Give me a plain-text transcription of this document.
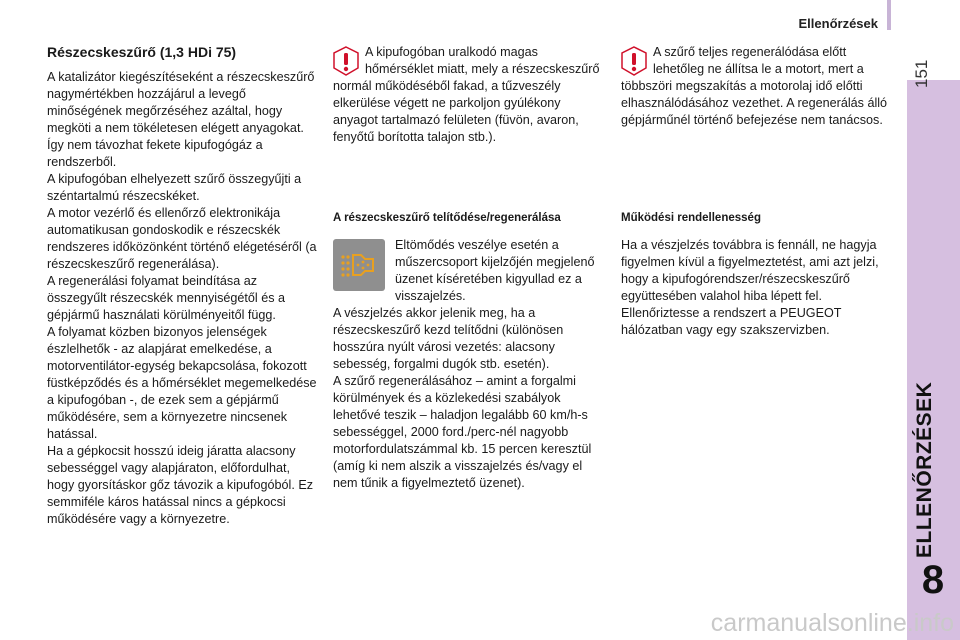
Ellenőrzések
151
ELLENŐRZÉSEK
8
Részecskeszűrő (1,3 HDi 75)

A katalizátor kiegészítéseként a részecskeszűrő nagymértékben hozzájárul a levegő minőségének megőrzéséhez azáltal, hogy megköti a nem tökéletesen elégett anyagokat. Így nem távozhat fekete kipufogógáz a rendszerből.

A kipufogóban elhelyezett szűrő összegyűjti a széntartalmú részecskéket.

A motor vezérlő és ellenőrző elektronikája automatikusan gondoskodik e részecskék rendszeres időközönként történő elégetéséről (a részecskeszűrő regenerálása).

A regenerálási folyamat beindítása az összegyűlt részecskék mennyiségétől és a gépjármű használati körülményeitől függ.

A folyamat közben bizonyos jelenségek észlelhetők - az alapjárat emelkedése, a motorventilátor-egység bekapcsolása, fokozott füstképződés és a hőmérséklet megemelkedése a kipufogóban -, de ezek sem a gépjármű működésére, sem a környezetre nincsenek hatással.

Ha a gépkocsit hosszú ideig járatta alacsony sebességgel vagy alapjáraton, előfordulhat, hogy gyorsításkor gőz távozik a kipufogóból. Ez semmiféle káros hatással nincs a gépkocsi működésére vagy a környezetre.

A kipufogóban uralkodó magas hőmérséklet miatt, mely a részecskeszűrő normál működéséből fakad, a tűzveszély elkerülése végett ne parkoljon gyúlékony anyagot tartalmazó felületen (füvön, avaron, fenyőtű borította talajon stb.).

A részecskeszűrő telítődése/regenerálása

Eltömődés veszélye esetén a műszercsoport kijelzőjén megjelenő üzenet kíséretében kigyullad ez a visszajelzés.

A vészjelzés akkor jelenik meg, ha a részecskeszűrő kezd telítődni (különösen hosszúra nyúlt városi vezetés: alacsony sebesség, forgalmi dugók stb. esetén).

A szűrő regenerálásához – amint a forgalmi körülmények és a közlekedési szabályok lehetővé teszik – haladjon legalább 60 km/h-s sebességgel, 2000 ford./perc-nél nagyobb motorfordulatszámmal kb. 15 percen keresztül (amíg ki nem alszik a visszajelzés és/vagy el nem tűnik a figyelmeztető üzenet).

A szűrő teljes regenerálódása előtt lehetőleg ne állítsa le a motort, mert a többszöri megszakítás a motorolaj idő előtti elhasználódásához vezethet. A regenerálás álló gépjárműnél történő befejezése nem tanácsos.

Működési rendellenesség

Ha a vészjelzés továbbra is fennáll, ne hagyja figyelmen kívül a figyelmeztetést, ami azt jelzi, hogy a kipufogórendszer/részecskeszűrő együttesében valahol hiba lépett fel.

Ellenőriztesse a rendszert a PEUGEOT hálózatban vagy egy szakszervizben.

carmanualsonline.info
